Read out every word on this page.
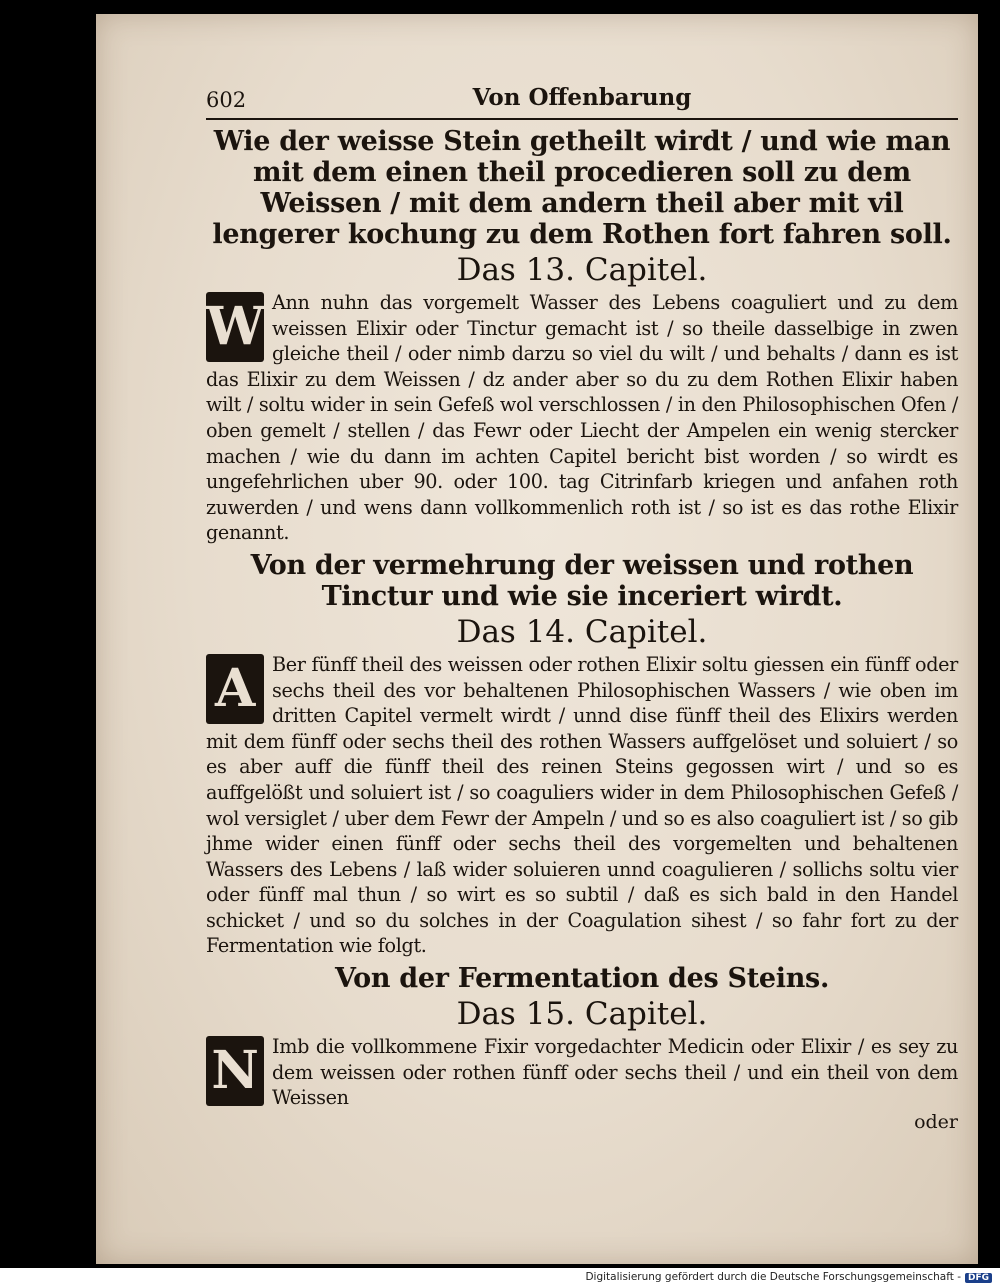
602	Von Offenbarung
Wie der weisse Stein getheilt wirdt / und wie man mit dem einen theil procedieren soll zu dem Weissen / mit dem andern theil aber mit vil lengerer kochung zu dem Rothen fort fahren soll.
Das 13. Capitel.

W Ann nuhn das vorgemelt Wasser des Lebens coaguliert und zu dem weissen Elixir oder Tinctur gemacht ist / so theile dasselbige in zwen gleiche theil / oder nimb darzu so viel du wilt / und behalts / dann es ist das Elixir zu dem Weissen / dz ander aber so du zu dem Rothen Elixir haben wilt / soltu wider in sein Gefeß wol verschlossen / in den Philosophischen Ofen / oben gemelt / stellen / das Fewr oder Liecht der Ampelen ein wenig stercker machen / wie du dann im achten Capitel bericht bist worden / so wirdt es ungefehrlichen uber 90. oder 100. tag Citrinfarb kriegen und anfahen roth zuwerden / und wens dann vollkommenlich roth ist / so ist es das rothe Elixir genannt.

Von der vermehrung der weissen und rothen Tinctur und wie sie inceriert wirdt.
Das 14. Capitel.

A Ber fünff theil des weissen oder rothen Elixir soltu giessen ein fünff oder sechs theil des vor behaltenen Philosophischen Wassers / wie oben im dritten Capitel vermelt wirdt / unnd dise fünff theil des Elixirs werden mit dem fünff oder sechs theil des rothen Wassers auffgelöset und soluiert / so es aber auff die fünff theil des reinen Steins gegossen wirt / und so es auffgelößt und soluiert ist / so coaguliers wider in dem Philosophischen Gefeß / wol versiglet / uber dem Fewr der Ampeln / und so es also coaguliert ist / so gib jhme wider einen fünff oder sechs theil des vorgemelten und behaltenen Wassers des Lebens / laß wider soluieren unnd coagulieren / sollichs soltu vier oder fünff mal thun / so wirt es so subtil / daß es sich bald in den Handel schicket / und so du solches in der Coagulation sihest / so fahr fort zu der Fermentation wie folgt.

Von der Fermentation des Steins.
Das 15. Capitel.

N Imb die vollkommene Fixir vorgedachter Medicin oder Elixir / es sey zu dem weissen oder rothen fünff oder sechs theil / und ein theil von dem Weissen

oder
Digitalisierung gefördert durch die Deutsche Forschungsgemeinschaft - DFG
